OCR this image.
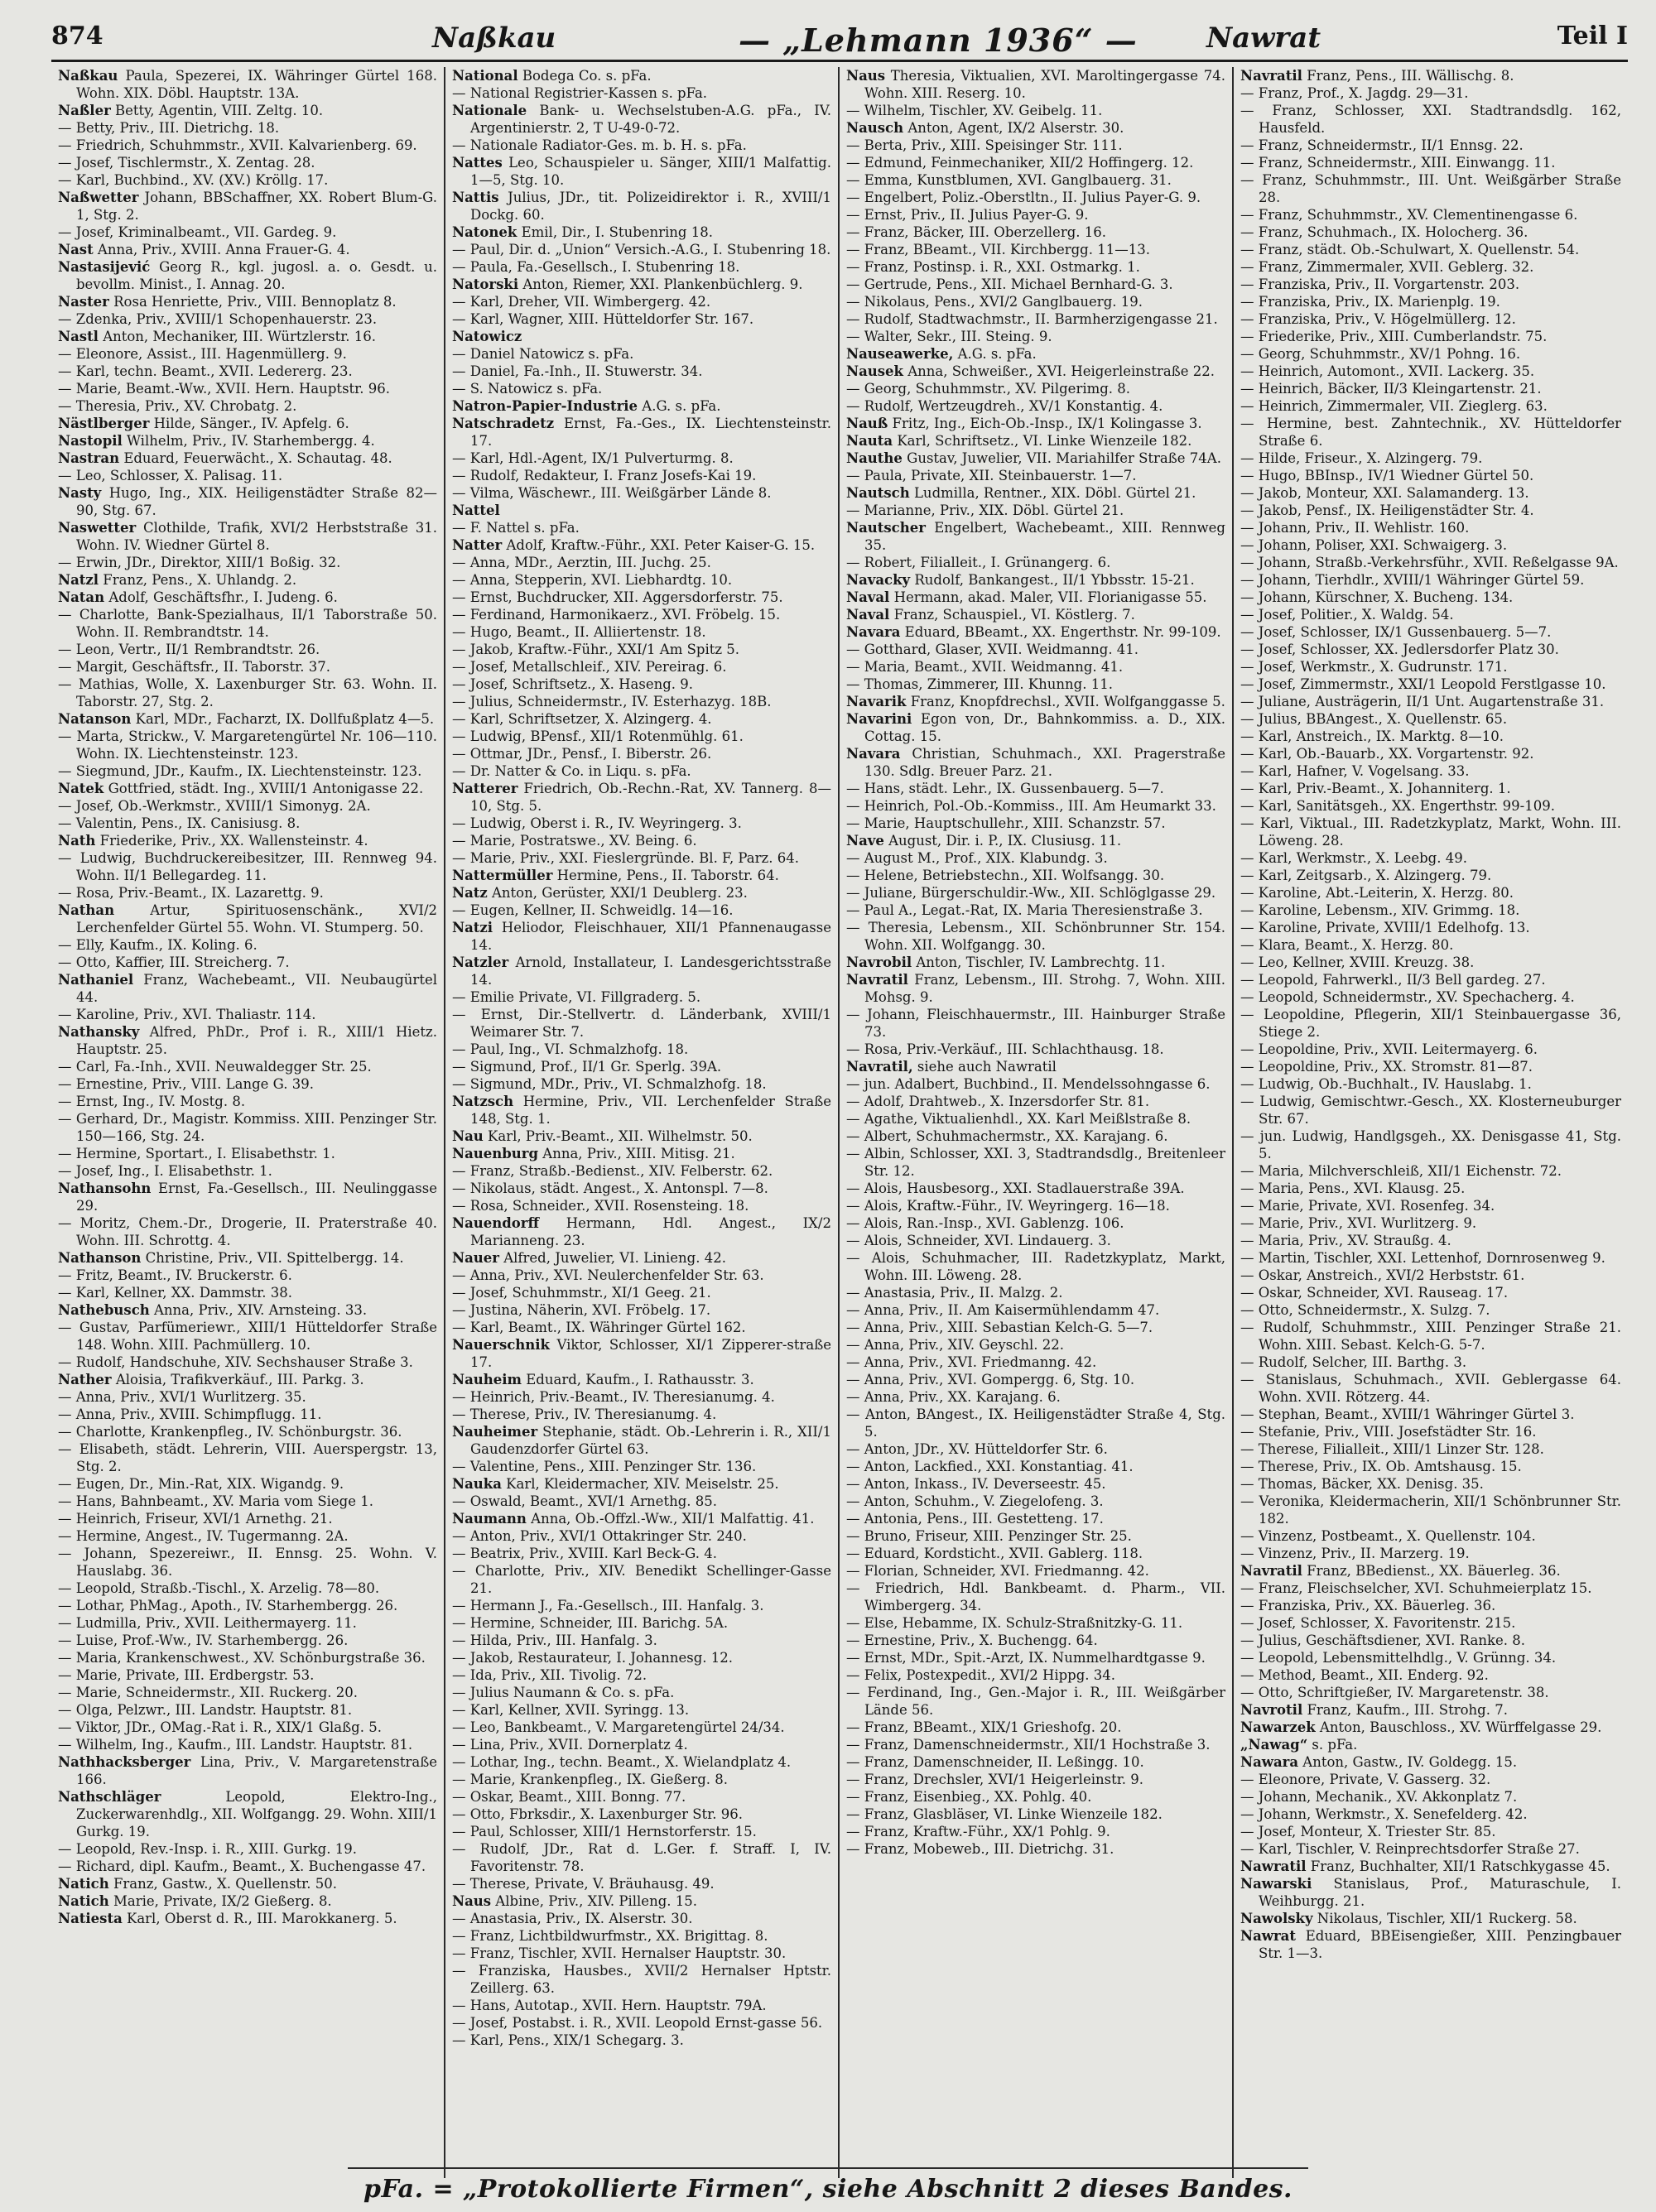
874	Naßkau	— „Lehmann 1936“ — Nawrat	Teil I
Naßkau Paula, Spezerei, IX. Währinger Gürtel 168. Wohn. XIX. Döbl. Hauptstr. 13A.
Naßler Betty, Agentin, VIII. Zeltg. 10.
— Betty, Priv., III. Dietrichg. 18.
— Friedrich, Schuhmmstr., XVII. Kalvarienberg. 69.
— Josef, Tischlermstr., X. Zentag. 28.
— Karl, Buchbind., XV. (XV.) Kröllg. 17.
Naßwetter Johann, BBSchaffner, XX. Robert Blum-G. 1, Stg. 2.
— Josef, Kriminalbeamt., VII. Gardeg. 9.
Nast Anna, Priv., XVIII. Anna Frauer-G. 4.
Nastasijević Georg R., kgl. jugosl. a. o. Gesdt. u. bevollm. Minist., I. Annag. 20.
Naster Rosa Henriette, Priv., VIII. Bennoplatz 8.
— Zdenka, Priv., XVIII/1 Schopenhauerstr. 23.
Nastl Anton, Mechaniker, III. Würtzlerstr. 16.
— Eleonore, Assist., III. Hagenmüllerg. 9.
— Karl, techn. Beamt., XVII. Ledererg. 23.
— Marie, Beamt.-Ww., XVII. Hern. Hauptstr. 96.
— Theresia, Priv., XV. Chrobatg. 2.
Nästlberger Hilde, Sänger., IV. Apfelg. 6.
Nastopil Wilhelm, Priv., IV. Starhembergg. 4.
Nastran Eduard, Feuerwächt., X. Schautag. 48.
— Leo, Schlosser, X. Palisag. 11.
Nasty Hugo, Ing., XIX. Heiligenstädter Straße 82—90, Stg. 67.
Naswetter Clothilde, Trafik, XVI/2 Herbststraße 31. Wohn. IV. Wiedner Gürtel 8.
— Erwin, JDr., Direktor, XIII/1 Boßig. 32.
Natzl Franz, Pens., X. Uhlandg. 2.
Natan Adolf, Geschäftsfhr., I. Judeng. 6.
— Charlotte, Bank-Spezialhaus, II/1 Taborstraße 50. Wohn. II. Rembrandtstr. 14.
— Leon, Vertr., II/1 Rembrandtstr. 26.
— Margit, Geschäftsfr., II. Taborstr. 37.
— Mathias, Wolle, X. Laxenburger Str. 63. Wohn. II. Taborstr. 27, Stg. 2.
Natanson Karl, MDr., Facharzt, IX. Dollfußplatz 4—5.
— Marta, Strickw., V. Margaretengürtel Nr. 106—110. Wohn. IX. Liechtensteinstr. 123.
— Siegmund, JDr., Kaufm., IX. Liechtensteinstr. 123.
Natek Gottfried, städt. Ing., XVIII/1 Antonigasse 22.
— Josef, Ob.-Werkmstr., XVIII/1 Simonyg. 2A.
— Valentin, Pens., IX. Canisiusg. 8.
Nath Friederike, Priv., XX. Wallensteinstr. 4.
— Ludwig, Buchdruckereibesitzer, III. Rennweg 94. Wohn. II/1 Bellegardeg. 11.
— Rosa, Priv.-Beamt., IX. Lazarettg. 9.
Nathan Artur, Spirituosenschänk., XVI/2 Lerchenfelder Gürtel 55. Wohn. VI. Stumperg. 50.
— Elly, Kaufm., IX. Koling. 6.
— Otto, Kaffier, III. Streicherg. 7.
Nathaniel Franz, Wachebeamt., VII. Neubaugürtel 44.
— Karoline, Priv., XVI. Thaliastr. 114.
Nathansky Alfred, PhDr., Prof i. R., XIII/1 Hietz. Hauptstr. 25.
— Carl, Fa.-Inh., XVII. Neuwaldegger Str. 25.
— Ernestine, Priv., VIII. Lange G. 39.
— Ernst, Ing., IV. Mostg. 8.
— Gerhard, Dr., Magistr. Kommiss. XIII. Penzinger Str. 150—166, Stg. 24.
— Hermine, Sportart., I. Elisabethstr. 1.
— Josef, Ing., I. Elisabethstr. 1.
Nathansohn Ernst, Fa.-Gesellsch., III. Neulinggasse 29.
— Moritz, Chem.-Dr., Drogerie, II. Praterstraße 40. Wohn. III. Schrottg. 4.
Nathanson Christine, Priv., VII. Spittelbergg. 14.
— Fritz, Beamt., IV. Bruckerstr. 6.
— Karl, Kellner, XX. Dammstr. 38.
Nathebusch Anna, Priv., XIV. Arnsteing. 33.
— Gustav, Parfümeriewr., XIII/1 Hütteldorfer Straße 148. Wohn. XIII. Pachmüllerg. 10.
— Rudolf, Handschuhe, XIV. Sechshauser Straße 3.
Nather Aloisia, Trafikverkäuf., III. Parkg. 3.
— Anna, Priv., XVI/1 Wurlitzerg. 35.
— Anna, Priv., XVIII. Schimpflugg. 11.
— Charlotte, Krankenpfleg., IV. Schönburgstr. 36.
— Elisabeth, städt. Lehrerin, VIII. Auerspergstr. 13, Stg. 2.
— Eugen, Dr., Min.-Rat, XIX. Wigandg. 9.
— Hans, Bahnbeamt., XV. Maria vom Siege 1.
— Heinrich, Friseur, XVI/1 Arnethg. 21.
— Hermine, Angest., IV. Tugermanng. 2A.
— Johann, Spezereiwr., II. Ennsg. 25. Wohn. V. Hauslabg. 36.
— Leopold, Straßb.-Tischl., X. Arzelig. 78—80.
— Lothar, PhMag., Apoth., IV. Starhembergg. 26.
— Ludmilla, Priv., XVII. Leithermayerg. 11.
— Luise, Prof.-Ww., IV. Starhembergg. 26.
— Maria, Krankenschwest., XV. Schönburgstraße 36.
— Marie, Private, III. Erdbergstr. 53.
— Marie, Schneidermstr., XII. Ruckerg. 20.
— Olga, Pelzwr., III. Landstr. Hauptstr. 81.
— Viktor, JDr., OMag.-Rat i. R., XIX/1 Glaßg. 5.
— Wilhelm, Ing., Kaufm., III. Landstr. Hauptstr. 81.
Nathhacksberger Lina, Priv., V. Margaretenstraße 166.
Nathschläger Leopold, Elektro-Ing., Zuckerwarenhdlg., XII. Wolfgangg. 29. Wohn. XIII/1 Gurkg. 19.
— Leopold, Rev.-Insp. i. R., XIII. Gurkg. 19.
— Richard, dipl. Kaufm., Beamt., X. Buchengasse 47.
Natich Franz, Gastw., X. Quellenstr. 50.
Natich Marie, Private, IX/2 Gießerg. 8.
Natiesta Karl, Oberst d. R., III. Marokkanerg. 5.
National Bodega Co. s. pFa.
— National Registrier-Kassen s. pFa.
Nationale Bank- u. Wechselstuben-A.G. pFa., IV. Argentinierstr. 2, T U-49-0-72.
— Nationale Radiator-Ges. m. b. H. s. pFa.
Nattes Leo, Schauspieler u. Sänger, XIII/1 Malfattig. 1—5, Stg. 10.
Nattis Julius, JDr., tit. Polizeidirektor i. R., XVIII/1 Dockg. 60.
Natonek Emil, Dir., I. Stubenring 18.
— Paul, Dir. d. „Union“ Versich.-A.G., I. Stubenring 18.
— Paula, Fa.-Gesellsch., I. Stubenring 18.
Natorski Anton, Riemer, XXI. Plankenbüchlerg. 9.
— Karl, Dreher, VII. Wimbergerg. 42.
— Karl, Wagner, XIII. Hütteldorfer Str. 167.
Natowicz
— Daniel Natowicz s. pFa.
— Daniel, Fa.-Inh., II. Stuwerstr. 34.
— S. Natowicz s. pFa.
Natron-Papier-Industrie A.G. s. pFa.
Natschradetz Ernst, Fa.-Ges., IX. Liechtensteinstr. 17.
— Karl, Hdl.-Agent, IX/1 Pulverturmg. 8.
— Rudolf, Redakteur, I. Franz Josefs-Kai 19.
— Vilma, Wäschewr., III. Weißgärber Lände 8.
Nattel
— F. Nattel s. pFa.
Natter Adolf, Kraftw.-Führ., XXI. Peter Kaiser-G. 15.
— Anna, MDr., Aerztin, III. Juchg. 25.
— Anna, Stepperin, XVI. Liebhardtg. 10.
— Ernst, Buchdrucker, XII. Aggersdorferstr. 75.
— Ferdinand, Harmonikaerz., XVI. Fröbelg. 15.
— Hugo, Beamt., II. Alliiertenstr. 18.
— Jakob, Kraftw.-Führ., XXI/1 Am Spitz 5.
— Josef, Metallschleif., XIV. Pereirag. 6.
— Josef, Schriftsetz., X. Haseng. 9.
— Julius, Schneidermstr., IV. Esterhazyg. 18B.
— Karl, Schriftsetzer, X. Alzingerg. 4.
— Ludwig, BPensf., XII/1 Rotenmühlg. 61.
— Ottmar, JDr., Pensf., I. Biberstr. 26.
— Dr. Natter & Co. in Liqu. s. pFa.
Natterer Friedrich, Ob.-Rechn.-Rat, XV. Tannerg. 8—10, Stg. 5.
— Ludwig, Oberst i. R., IV. Weyringerg. 3.
— Marie, Postratswe., XV. Being. 6.
— Marie, Priv., XXI. Fieslergründe. Bl. F, Parz. 64.
Nattermüller Hermine, Pens., II. Taborstr. 64.
Natz Anton, Gerüster, XXI/1 Deublerg. 23.
— Eugen, Kellner, II. Schweidlg. 14—16.
Natzi Heliodor, Fleischhauer, XII/1 Pfannenaugasse 14.
Natzler Arnold, Installateur, I. Landesgerichtsstraße 14.
— Emilie Private, VI. Fillgraderg. 5.
— Ernst, Dir.-Stellvertr. d. Länderbank, XVIII/1 Weimarer Str. 7.
— Paul, Ing., VI. Schmalzhofg. 18.
— Sigmund, Prof., II/1 Gr. Sperlg. 39A.
— Sigmund, MDr., Priv., VI. Schmalzhofg. 18.
Natzsch Hermine, Priv., VII. Lerchenfelder Straße 148, Stg. 1.
Nau Karl, Priv.-Beamt., XII. Wilhelmstr. 50.
Nauenburg Anna, Priv., XIII. Mitisg. 21.
— Franz, Straßb.-Bedienst., XIV. Felberstr. 62.
— Nikolaus, städt. Angest., X. Antonspl. 7—8.
— Rosa, Schneider., XVII. Rosensteing. 18.
Nauendorff Hermann, Hdl. Angest., IX/2 Marianneng. 23.
Nauer Alfred, Juwelier, VI. Linieng. 42.
— Anna, Priv., XVI. Neulerchenfelder Str. 63.
— Josef, Schuhmmstr., XI/1 Geeg. 21.
— Justina, Näherin, XVI. Fröbelg. 17.
— Karl, Beamt., IX. Währinger Gürtel 162.
Nauerschnik Viktor, Schlosser, XI/1 Zipperer-straße 17.
Nauheim Eduard, Kaufm., I. Rathausstr. 3.
— Heinrich, Priv.-Beamt., IV. Theresianumg. 4.
— Therese, Priv., IV. Theresianumg. 4.
Nauheimer Stephanie, städt. Ob.-Lehrerin i. R., XII/1 Gaudenzdorfer Gürtel 63.
— Valentine, Pens., XIII. Penzinger Str. 136.
Nauka Karl, Kleidermacher, XIV. Meiselstr. 25.
— Oswald, Beamt., XVI/1 Arnethg. 85.
Naumann Anna, Ob.-Offzl.-Ww., XII/1 Malfattig. 41.
— Anton, Priv., XVI/1 Ottakringer Str. 240.
— Beatrix, Priv., XVIII. Karl Beck-G. 4.
— Charlotte, Priv., XIV. Benedikt Schellinger-Gasse 21.
— Hermann J., Fa.-Gesellsch., III. Hanfalg. 3.
— Hermine, Schneider, III. Barichg. 5A.
— Hilda, Priv., III. Hanfalg. 3.
— Jakob, Restaurateur, I. Johannesg. 12.
— Ida, Priv., XII. Tivolig. 72.
— Julius Naumann & Co. s. pFa.
— Karl, Kellner, XVII. Syringg. 13.
— Leo, Bankbeamt., V. Margaretengürtel 24/34.
— Lina, Priv., XVII. Dornerplatz 4.
— Lothar, Ing., techn. Beamt., X. Wielandplatz 4.
— Marie, Krankenpfleg., IX. Gießerg. 8.
— Oskar, Beamt., XIII. Bonng. 77.
— Otto, Fbrksdir., X. Laxenburger Str. 96.
— Paul, Schlosser, XIII/1 Hernstorferstr. 15.
— Rudolf, JDr., Rat d. L.Ger. f. Straff. I, IV. Favoritenstr. 78.
— Therese, Private, V. Bräuhausg. 49.
Naus Albine, Priv., XIV. Pilleng. 15.
— Anastasia, Priv., IX. Alserstr. 30.
— Franz, Lichtbildwurfmstr., XX. Brigittag. 8.
— Franz, Tischler, XVII. Hernalser Hauptstr. 30.
— Franziska, Hausbes., XVII/2 Hernalser Hptstr. Zeillerg. 63.
— Hans, Autotap., XVII. Hern. Hauptstr. 79A.
— Josef, Postabst. i. R., XVII. Leopold Ernst-gasse 56.
— Karl, Pens., XIX/1 Schegarg. 3.
Naus Theresia, Viktualien, XVI. Maroltingergasse 74. Wohn. XIII. Reserg. 10.
— Wilhelm, Tischler, XV. Geibelg. 11.
Nausch Anton, Agent, IX/2 Alserstr. 30.
— Berta, Priv., XIII. Speisinger Str. 111.
— Edmund, Feinmechaniker, XII/2 Hoffingerg. 12.
— Emma, Kunstblumen, XVI. Ganglbauerg. 31.
— Engelbert, Poliz.-Oberstltn., II. Julius Payer-G. 9.
— Ernst, Priv., II. Julius Payer-G. 9.
— Franz, Bäcker, III. Oberzellerg. 16.
— Franz, BBeamt., VII. Kirchbergg. 11—13.
— Franz, Postinsp. i. R., XXI. Ostmarkg. 1.
— Gertrude, Pens., XII. Michael Bernhard-G. 3.
— Nikolaus, Pens., XVI/2 Ganglbauerg. 19.
— Rudolf, Stadtwachmstr., II. Barmherzigengasse 21.
— Walter, Sekr., III. Steing. 9.
Nauseawerke, A.G. s. pFa.
Nausek Anna, Schweißer., XVI. Heigerleinstraße 22.
— Georg, Schuhmmstr., XV. Pilgerimg. 8.
— Rudolf, Wertzeugdreh., XV/1 Konstantig. 4.
Nauß Fritz, Ing., Eich-Ob.-Insp., IX/1 Kolingasse 3.
Nauta Karl, Schriftsetz., VI. Linke Wienzeile 182.
Nauthe Gustav, Juwelier, VII. Mariahilfer Straße 74A.
— Paula, Private, XII. Steinbauerstr. 1—7.
Nautsch Ludmilla, Rentner., XIX. Döbl. Gürtel 21.
— Marianne, Priv., XIX. Döbl. Gürtel 21.
Nautscher Engelbert, Wachebeamt., XIII. Rennweg 35.
— Robert, Filialleit., I. Grünangerg. 6.
Navacky Rudolf, Bankangest., II/1 Ybbsstr. 15-21.
Naval Hermann, akad. Maler, VII. Florianigasse 55.
Naval Franz, Schauspiel., VI. Köstlerg. 7.
Navara Eduard, BBeamt., XX. Engerthstr. Nr. 99-109.
— Gotthard, Glaser, XVII. Weidmanng. 41.
— Maria, Beamt., XVII. Weidmanng. 41.
— Thomas, Zimmerer, III. Khunng. 11.
Navarik Franz, Knopfdrechsl., XVII. Wolfganggasse 5.
Navarini Egon von, Dr., Bahnkommiss. a. D., XIX. Cottag. 15.
Navara Christian, Schuhmach., XXI. Pragerstraße 130. Sdlg. Breuer Parz. 21.
— Hans, städt. Lehr., IX. Gussenbauerg. 5—7.
— Heinrich, Pol.-Ob.-Kommiss., III. Am Heumarkt 33.
— Marie, Hauptschullehr., XIII. Schanzstr. 57.
Nave August, Dir. i. P., IX. Clusiusg. 11.
— August M., Prof., XIX. Klabundg. 3.
— Helene, Betriebstechn., XII. Wolfsangg. 30.
— Juliane, Bürgerschuldir.-Ww., XII. Schlöglgasse 29.
— Paul A., Legat.-Rat, IX. Maria Theresienstraße 3.
— Theresia, Lebensm., XII. Schönbrunner Str. 154. Wohn. XII. Wolfgangg. 30.
Navrobil Anton, Tischler, IV. Lambrechtg. 11.
Navratil Franz, Lebensm., III. Strohg. 7, Wohn. XIII. Mohsg. 9.
— Johann, Fleischhauermstr., III. Hainburger Straße 73.
— Rosa, Priv.-Verkäuf., III. Schlachthausg. 18.
Navratil, siehe auch Nawratil
— jun. Adalbert, Buchbind., II. Mendelssohngasse 6.
— Adolf, Drahtweb., X. Inzersdorfer Str. 81.
— Agathe, Viktualienhdl., XX. Karl Meißlstraße 8.
— Albert, Schuhmachermstr., XX. Karajang. 6.
— Albin, Schlosser, XXI. 3, Stadtrandsdlg., Breitenleer Str. 12.
— Alois, Hausbesorg., XXI. Stadlauerstraße 39A.
— Alois, Kraftw.-Führ., IV. Weyringerg. 16—18.
— Alois, Ran.-Insp., XVI. Gablenzg. 106.
— Alois, Schneider, XVI. Lindauerg. 3.
— Alois, Schuhmacher, III. Radetzkyplatz, Markt, Wohn. III. Löweng. 28.
— Anastasia, Priv., II. Malzg. 2.
— Anna, Priv., II. Am Kaisermühlendamm 47.
— Anna, Priv., XIII. Sebastian Kelch-G. 5—7.
— Anna, Priv., XIV. Geyschl. 22.
— Anna, Priv., XVI. Friedmanng. 42.
— Anna, Priv., XVI. Gompergg. 6, Stg. 10.
— Anna, Priv., XX. Karajang. 6.
— Anton, BAngest., IX. Heiligenstädter Straße 4, Stg. 5.
— Anton, JDr., XV. Hütteldorfer Str. 6.
— Anton, Lackfied., XXI. Konstantiag. 41.
— Anton, Inkass., IV. Deverseestr. 45.
— Anton, Schuhm., V. Ziegelofeng. 3.
— Antonia, Pens., III. Gestetteng. 17.
— Bruno, Friseur, XIII. Penzinger Str. 25.
— Eduard, Kordsticht., XVII. Gablerg. 118.
— Florian, Schneider, XVI. Friedmanng. 42.
— Friedrich, Hdl. Bankbeamt. d. Pharm., VII. Wimbergerg. 34.
— Else, Hebamme, IX. Schulz-Straßnitzky-G. 11.
— Ernestine, Priv., X. Buchengg. 64.
— Ernst, MDr., Spit.-Arzt, IX. Nummelhardtgasse 9.
— Felix, Postexpedit., XVI/2 Hippg. 34.
— Ferdinand, Ing., Gen.-Major i. R., III. Weißgärber Lände 56.
— Franz, BBeamt., XIX/1 Grieshofg. 20.
— Franz, Damenschneidermstr., XII/1 Hochstraße 3.
— Franz, Damenschneider, II. Leßingg. 10.
— Franz, Drechsler, XVI/1 Heigerleinstr. 9.
— Franz, Eisenbieg., XX. Pohlg. 40.
— Franz, Glasbläser, VI. Linke Wienzeile 182.
— Franz, Kraftw.-Führ., XX/1 Pohlg. 9.
— Franz, Mobeweb., III. Dietrichg. 31.
Navratil Franz, Pens., III. Wällischg. 8.
— Franz, Prof., X. Jagdg. 29—31.
— Franz, Schlosser, XXI. Stadtrandsdlg. 162, Hausfeld.
— Franz, Schneidermstr., II/1 Ennsg. 22.
— Franz, Schneidermstr., XIII. Einwangg. 11.
— Franz, Schuhmmstr., III. Unt. Weißgärber Straße 28.
— Franz, Schuhmmstr., XV. Clementinengasse 6.
— Franz, Schuhmach., IX. Holocherg. 36.
— Franz, städt. Ob.-Schulwart, X. Quellenstr. 54.
— Franz, Zimmermaler, XVII. Geblerg. 32.
— Franziska, Priv., II. Vorgartenstr. 203.
— Franziska, Priv., IX. Marienplg. 19.
— Franziska, Priv., V. Högelmüllerg. 12.
— Friederike, Priv., XIII. Cumberlandstr. 75.
— Georg, Schuhmmstr., XV/1 Pohng. 16.
— Heinrich, Automont., XVII. Lackerg. 35.
— Heinrich, Bäcker, II/3 Kleingartenstr. 21.
— Heinrich, Zimmermaler, VII. Zieglerg. 63.
— Hermine, best. Zahntechnik., XV. Hütteldorfer Straße 6.
— Hilde, Friseur., X. Alzingerg. 79.
— Hugo, BBInsp., IV/1 Wiedner Gürtel 50.
— Jakob, Monteur, XXI. Salamanderg. 13.
— Jakob, Pensf., IX. Heiligenstädter Str. 4.
— Johann, Priv., II. Wehlistr. 160.
— Johann, Poliser, XXI. Schwaigerg. 3.
— Johann, Straßb.-Verkehrsführ., XVII. Reßelgasse 9A.
— Johann, Tierhdlr., XVIII/1 Währinger Gürtel 59.
— Johann, Kürschner, X. Bucheng. 134.
— Josef, Politier., X. Waldg. 54.
— Josef, Schlosser, IX/1 Gussenbauerg. 5—7.
— Josef, Schlosser, XX. Jedlersdorfer Platz 30.
— Josef, Werkmstr., X. Gudrunstr. 171.
— Josef, Zimmermstr., XXI/1 Leopold Ferstlgasse 10.
— Juliane, Austrägerin, II/1 Unt. Augartenstraße 31.
— Julius, BBAngest., X. Quellenstr. 65.
— Karl, Anstreich., IX. Marktg. 8—10.
— Karl, Ob.-Bauarb., XX. Vorgartenstr. 92.
— Karl, Hafner, V. Vogelsang. 33.
— Karl, Priv.-Beamt., X. Johanniterg. 1.
— Karl, Sanitätsgeh., XX. Engerthstr. 99-109.
— Karl, Viktual., III. Radetzkyplatz, Markt, Wohn. III. Löweng. 28.
— Karl, Werkmstr., X. Leebg. 49.
— Karl, Zeitgsarb., X. Alzingerg. 79.
— Karoline, Abt.-Leiterin, X. Herzg. 80.
— Karoline, Lebensm., XIV. Grimmg. 18.
— Karoline, Private, XVIII/1 Edelhofg. 13.
— Klara, Beamt., X. Herzg. 80.
— Leo, Kellner, XVIII. Kreuzg. 38.
— Leopold, Fahrwerkl., II/3 Bell gardeg. 27.
— Leopold, Schneidermstr., XV. Spechacherg. 4.
— Leopoldine, Pflegerin, XII/1 Steinbauergasse 36, Stiege 2.
— Leopoldine, Priv., XVII. Leitermayerg. 6.
— Leopoldine, Priv., XX. Stromstr. 81—87.
— Ludwig, Ob.-Buchhalt., IV. Hauslabg. 1.
— Ludwig, Gemischtwr.-Gesch., XX. Klosterneuburger Str. 67.
— jun. Ludwig, Handlgsgeh., XX. Denisgasse 41, Stg. 5.
— Maria, Milchverschleiß, XII/1 Eichenstr. 72.
— Maria, Pens., XVI. Klausg. 25.
— Marie, Private, XVI. Rosenfeg. 34.
— Marie, Priv., XVI. Wurlitzerg. 9.
— Maria, Priv., XV. Straußg. 4.
— Martin, Tischler, XXI. Lettenhof, Dornrosenweg 9.
— Oskar, Anstreich., XVI/2 Herbststr. 61.
— Oskar, Schneider, XVI. Rauseag. 17.
— Otto, Schneidermstr., X. Sulzg. 7.
— Rudolf, Schuhmmstr., XIII. Penzinger Straße 21. Wohn. XIII. Sebast. Kelch-G. 5-7.
— Rudolf, Selcher, III. Barthg. 3.
— Stanislaus, Schuhmach., XVII. Geblergasse 64. Wohn. XVII. Rötzerg. 44.
— Stephan, Beamt., XVIII/1 Währinger Gürtel 3.
— Stefanie, Priv., VIII. Josefstädter Str. 16.
— Therese, Filialleit., XIII/1 Linzer Str. 128.
— Therese, Priv., IX. Ob. Amtshausg. 15.
— Thomas, Bäcker, XX. Denisg. 35.
— Veronika, Kleidermacherin, XII/1 Schönbrunner Str. 182.
— Vinzenz, Postbeamt., X. Quellenstr. 104.
— Vinzenz, Priv., II. Marzerg. 19.
Navratil Franz, BBedienst., XX. Bäuerleg. 36.
— Franz, Fleischselcher, XVI. Schuhmeierplatz 15.
— Franziska, Priv., XX. Bäuerleg. 36.
— Josef, Schlosser, X. Favoritenstr. 215.
— Julius, Geschäftsdiener, XVI. Ranke. 8.
— Leopold, Lebensmittelhdlg., V. Grünng. 34.
— Method, Beamt., XII. Enderg. 92.
— Otto, Schriftgießer, IV. Margaretenstr. 38.
Navrotil Franz, Kaufm., III. Strohg. 7.
Nawarzek Anton, Bauschloss., XV. Würffelgasse 29.
„Nawag“ s. pFa.
Nawara Anton, Gastw., IV. Goldegg. 15.
— Eleonore, Private, V. Gasserg. 32.
— Johann, Mechanik., XV. Akkonplatz 7.
— Johann, Werkmstr., X. Senefelderg. 42.
— Josef, Monteur, X. Triester Str. 85.
— Karl, Tischler, V. Reinprechtsdorfer Straße 27.
Nawratil Franz, Buchhalter, XII/1 Ratschkygasse 45.
Nawarski Stanislaus, Prof., Maturaschule, I. Weihburgg. 21.
Nawolsky Nikolaus, Tischler, XII/1 Ruckerg. 58.
Nawrat Eduard, BBEisengießer, XIII. Penzingbauer Str. 1—3.
pFa. = „Protokollierte Firmen“, siehe Abschnitt 2 dieses Bandes.
